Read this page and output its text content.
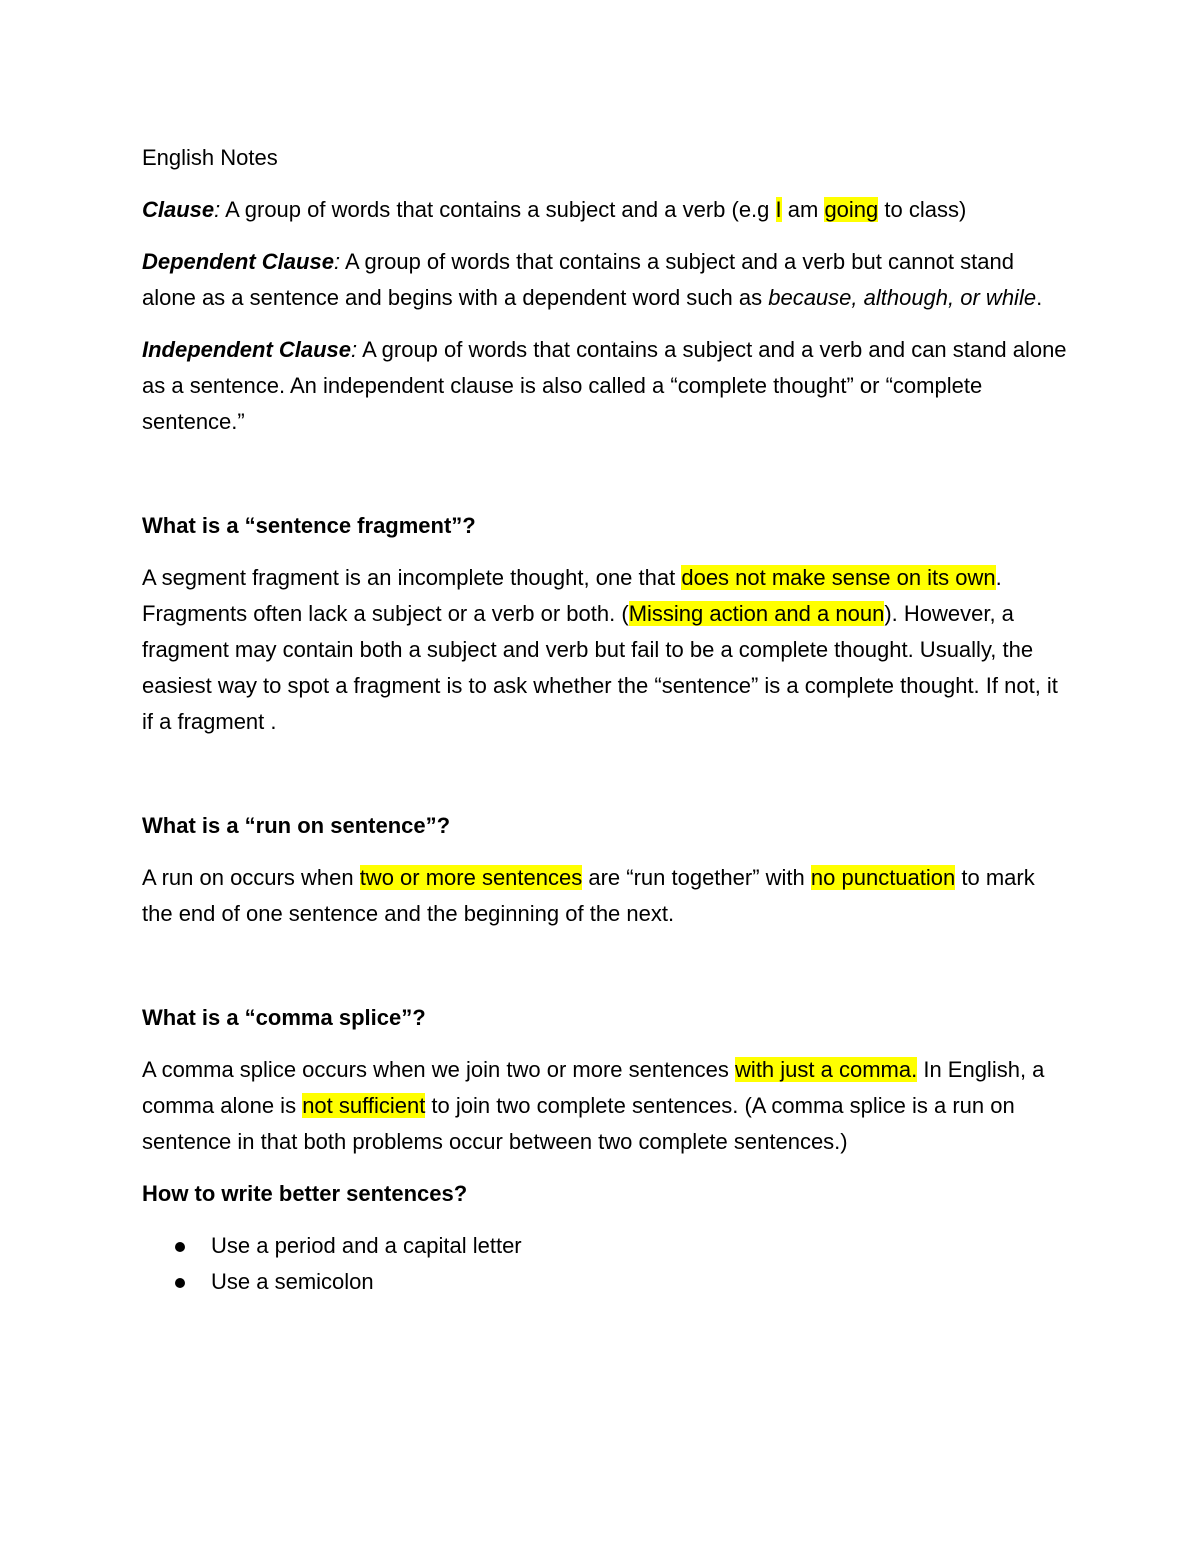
English Notes

Clause: A group of words that contains a subject and a verb (e.g I am going to class)

Dependent Clause: A group of words that contains a subject and a verb but cannot stand alone as a sentence and begins with a dependent word such as because, although, or while.

Independent Clause: A group of words that contains a subject and a verb and can stand alone as a sentence. An independent clause is also called a “complete thought” or “complete sentence.”

What is a “sentence fragment”?

A segment fragment is an incomplete thought, one that does not make sense on its own. Fragments often lack a subject or a verb or both. (Missing action and a noun). However, a fragment may contain both a subject and verb but fail to be a complete thought. Usually, the easiest way to spot a fragment is to ask whether the “sentence” is a complete thought. If not, it if a fragment .

What is a “run on sentence”?

A run on occurs when two or more sentences are “run together” with no punctuation to mark the end of one sentence and the beginning of the next.

What is a “comma splice”?

A comma splice occurs when we join two or more sentences with just a comma. In English, a comma alone is not sufficient to join two complete sentences. (A comma splice is a run on sentence in that both problems occur between two complete sentences.)

How to write better sentences?

Use a period and a capital letter
Use a semicolon
